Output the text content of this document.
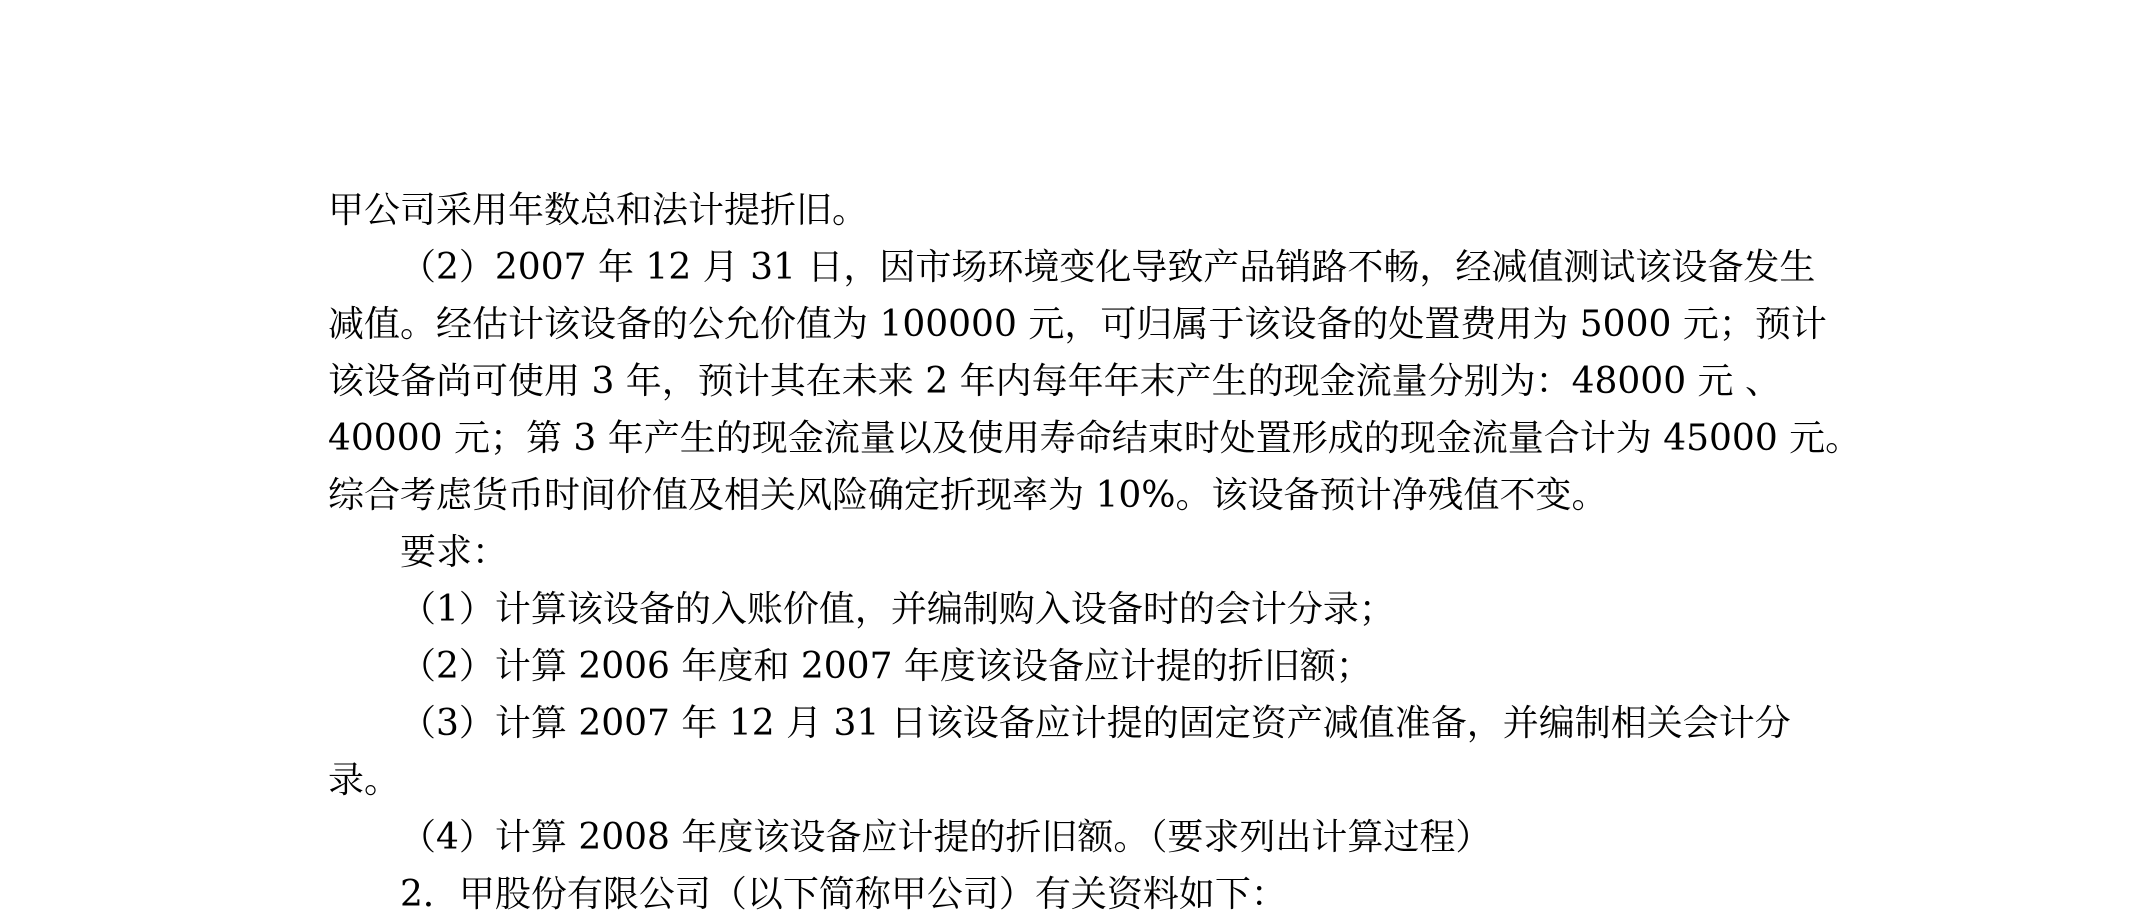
甲公司采用年数总和法计提折旧。
（2）2007 年 12 月 31 日，因市场环境变化导致产品销路不畅，经减值测试该设备发生
减值。经估计该设备的公允价值为 100000 元，可归属于该设备的处置费用为 5000 元；预计
该设备尚可使用 3 年，预计其在未来 2 年内每年年末产生的现金流量分别为：48000 元 、
40000 元；第 3 年产生的现金流量以及使用寿命结束时处置形成的现金流量合计为 45000 元。
综合考虑货币时间价值及相关风险确定折现率为 10%。该设备预计净残值不变。
要求：
（1）计算该设备的入账价值，并编制购入设备时的会计分录；
（2）计算 2006 年度和 2007 年度该设备应计提的折旧额；
（3）计算 2007 年 12 月 31 日该设备应计提的固定资产减值准备，并编制相关会计分
录。
（4）计算 2008 年度该设备应计提的折旧额。（要求列出计算过程）
2．甲股份有限公司（以下简称甲公司）有关资料如下：
